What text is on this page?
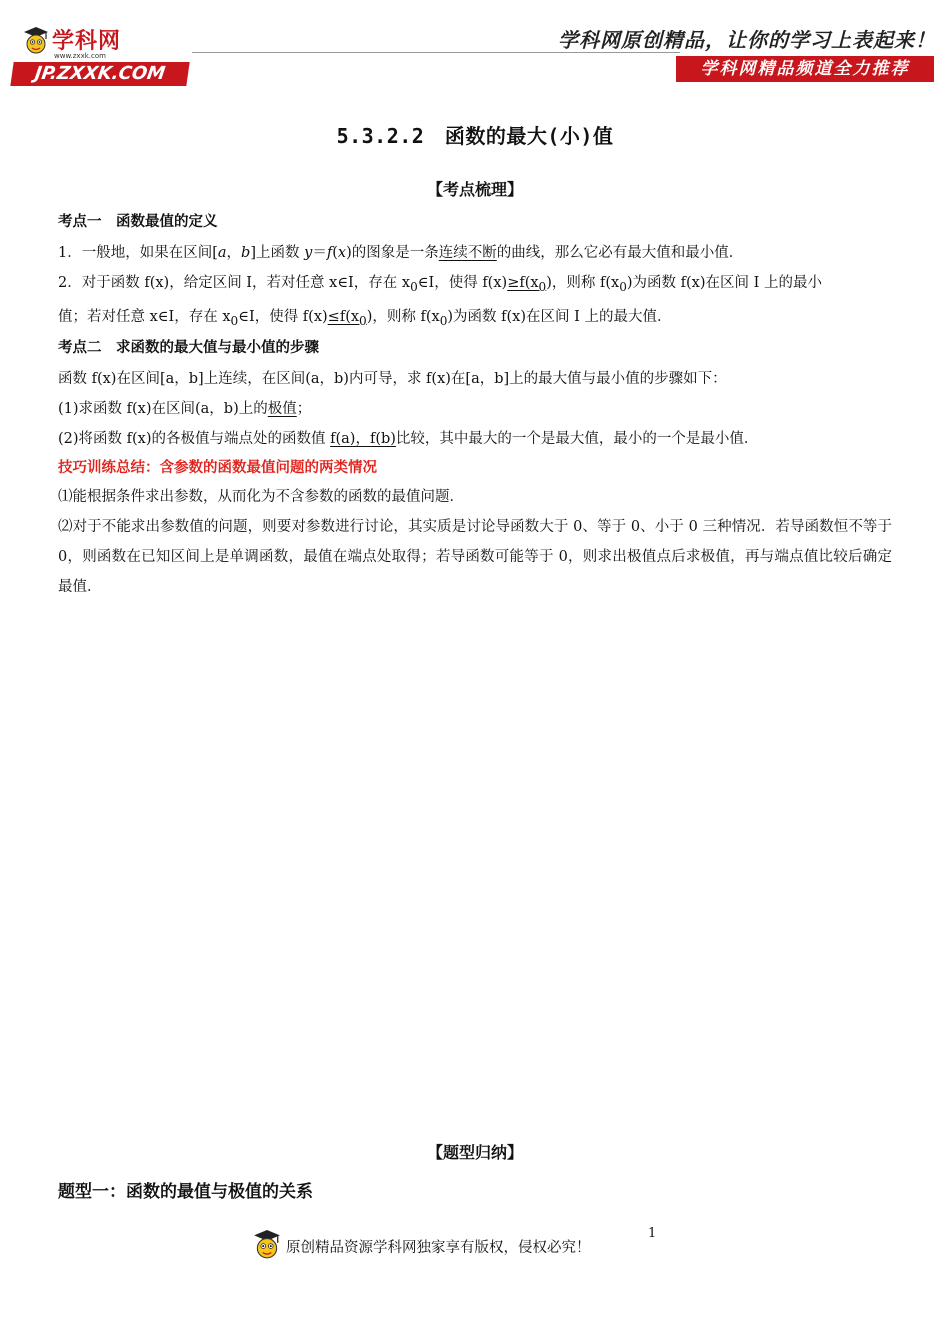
学科网
www.zxxk.com
JP.ZXXK.COM
学科网原创精品，让你的学习上表起来！
学科网精品频道全力推荐
5.3.2.2　函数的最大(小)值
【考点梳理】
考点一　函数最值的定义

1．一般地，如果在区间[a，b]上函数 y＝f(x)的图象是一条连续不断的曲线，那么它必有最大值和最小值．

2．对于函数 f(x)，给定区间 I，若对任意 x∈I，存在 $x_0\in I$，使得 $f(x)\ge f(x_0)$，则称 $f(x_0)$为函数 f(x)在区间 I 上的最小

值；若对任意 x∈I，存在 $x_0\in I$，使得 $f(x)\le f(x_0)$，则称 $f(x_0)$为函数 f(x)在区间 I 上的最大值．

考点二　求函数的最大值与最小值的步骤

函数 f(x)在区间[a，b]上连续，在区间(a，b)内可导，求 f(x)在[a，b]上的最大值与最小值的步骤如下：

(1)求函数 f(x)在区间(a，b)上的极值；

(2)将函数 f(x)的各极值与端点处的函数值 f(a)，f(b)比较，其中最大的一个是最大值，最小的一个是最小值．

技巧训练总结：含参数的函数最值问题的两类情况

⑴能根据条件求出参数，从而化为不含参数的函数的最值问题．

⑵对于不能求出参数值的问题，则要对参数进行讨论，其实质是讨论导函数大于 0、等于 0、小于 0 三种情况．若导函数恒不等于 0，则函数在已知区间上是单调函数，最值在端点处取得；若导函数可能等于 0，则求出极值点后求极值，再与端点值比较后确定最值．

【题型归纳】
题型一：函数的最值与极值的关系
原创精品资源学科网独家享有版权，侵权必究！
1
